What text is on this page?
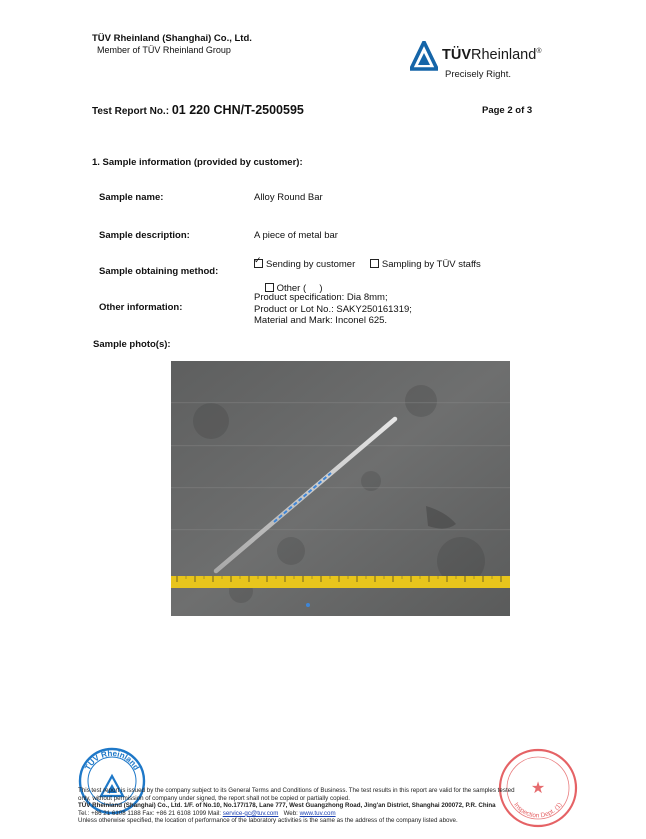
TÜV Rheinland (Shanghai) Co., Ltd.
Member of TÜV Rheinland Group	TÜVRheinland®
Precisely Right.
Test Report No.: 01 220 CHN/T-2500595	Page 2 of 3
1. Sample information (provided by customer):
Sample name:	Alloy Round Bar
Sample description:	A piece of metal bar
Sample obtaining method:
✓Sending by customer	Sampling by TÜV staffs

Other (     )

Other information:
Product specification: Dia 8mm;
Product or Lot No.: SAKY250161319;
Material and Mark: Inconel 625.
Sample photo(s):
TÜV Rheinland
★
Inspection Dept. (1)
This test report is issued by the company subject to its General Terms and Conditions of Business. The test results in this report are valid for the samples tested
only, without permission of company under signed, the report shall not be copied or partially copied.
TÜV Rheinland (Shanghai) Co., Ltd. 1/F. of No.10, No.177/178, Lane 777, West Guangzhong Road, Jing'an District, Shanghai 200072, P.R. China
Tel.: +86 21 6108 1188 Fax: +86 21 6108 1099 Mail: service-gc@tuv.com   Web: www.tuv.com
Unless otherwise specified, the location of performance of the laboratory activities is the same as the address of the company listed above.
